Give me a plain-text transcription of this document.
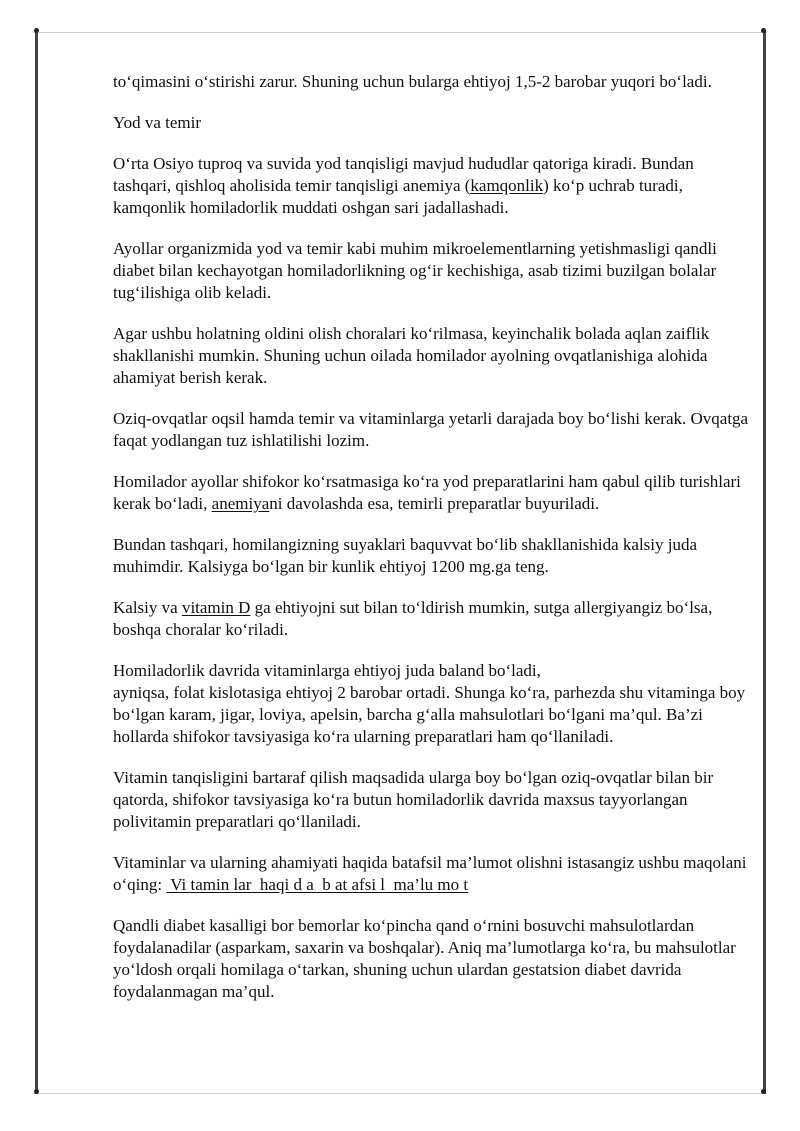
to‘qimasini o‘stirishi zarur. Shuning uchun bularga ehtiyoj 1,5-2 barobar yuqori bo‘ladi.

Yod va temir

O‘rta Osiyo tuproq va suvida yod tanqisligi mavjud hududlar qatoriga kiradi. Bundan tashqari, qishloq aholisida temir tanqisligi anemiya (kamqonlik) ko‘p uchrab turadi, kamqonlik homiladorlik muddati oshgan sari jadallashadi.

Ayollar organizmida yod va temir kabi muhim mikroelementlarning yetishmasligi qandli diabet bilan kechayotgan homiladorlikning og‘ir kechishiga, asab tizimi buzilgan bolalar tug‘ilishiga olib keladi.

Agar ushbu holatning oldini olish choralari ko‘rilmasa, keyinchalik bolada aqlan zaiflik shakllanishi mumkin. Shuning uchun oilada homilador ayolning ovqatlanishiga alohida ahamiyat berish kerak.

Oziq-ovqatlar oqsil hamda temir va vitaminlarga yetarli darajada boy bo‘lishi kerak. Ovqatga faqat yodlangan tuz ishlatilishi lozim.

Homilador ayollar shifokor ko‘rsatmasiga ko‘ra yod preparatlarini ham qabul qilib turishlari kerak bo‘ladi, anemiyani davolashda esa, temirli preparatlar buyuriladi.

Bundan tashqari, homilangizning suyaklari baquvvat bo‘lib shakllanishida kalsiy juda muhimdir. Kalsiyga bo‘lgan bir kunlik ehtiyoj 1200 mg.ga teng.

Kalsiy va vitamin D ga ehtiyojni sut bilan to‘ldirish mumkin, sutga allergiyangiz bo‘lsa, boshqa choralar ko‘riladi.

Homiladorlik davrida vitaminlarga ehtiyoj juda baland bo‘ladi,
ayniqsa, folat kislotasiga ehtiyoj 2 barobar ortadi. Shunga ko‘ra, parhezda shu vitaminga boy bo‘lgan karam, jigar, loviya, apelsin, barcha g‘alla mahsulotlari bo‘lgani ma’qul. Ba’zi hollarda shifokor tavsiyasiga ko‘ra ularning preparatlari ham qo‘llaniladi.

Vitamin tanqisligini bartaraf qilish maqsadida ularga boy bo‘lgan oziq-ovqatlar bilan bir qatorda, shifokor tavsiyasiga ko‘ra butun homiladorlik davrida maxsus tayyorlangan polivitamin preparatlari qo‘llaniladi.

Vitaminlar va ularning ahamiyati haqida batafsil ma’lumot olishni istasangiz ushbu maqolani o‘qing:  Vi tamin lar  haqi d a  b at afsi l  ma’lu mo t

Qandli diabet kasalligi bor bemorlar ko‘pincha qand o‘rnini bosuvchi mahsulotlardan foydalanadilar (asparkam, saxarin va boshqalar). Aniq ma’lumotlarga ko‘ra, bu mahsulotlar yo‘ldosh orqali homilaga o‘tarkan, shuning uchun ulardan gestatsion diabet davrida foydalanmagan ma’qul.
